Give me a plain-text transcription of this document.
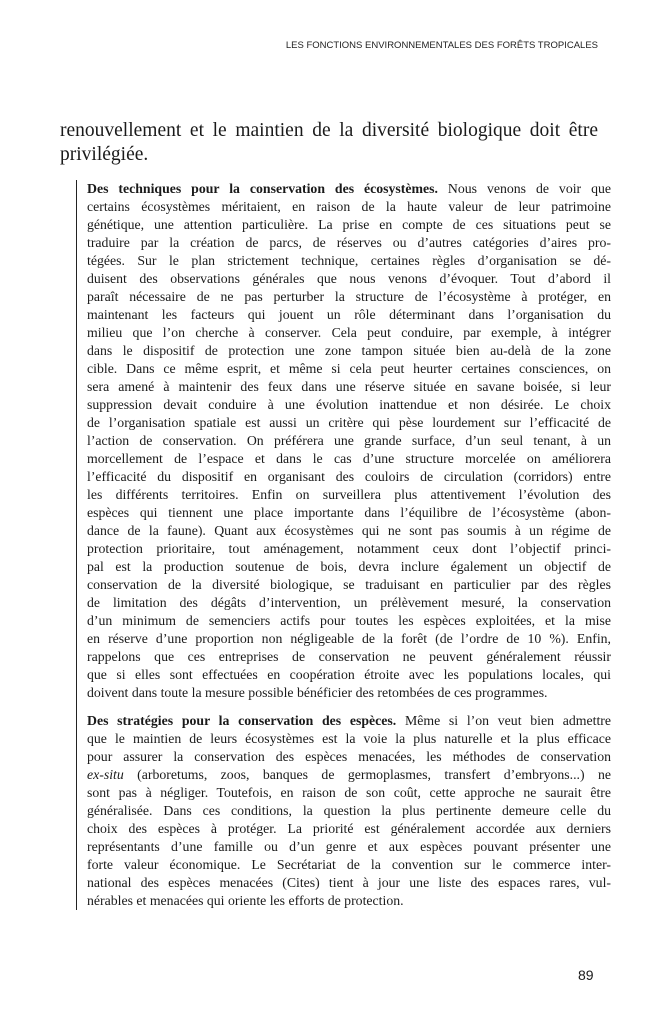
LES FONCTIONS ENVIRONNEMENTALES DES FORÊTS TROPICALES
renouvellement et le maintien de la diversité biologique doit être
privilégiée.
Des techniques pour la conservation des écosystèmes. Nous venons de voir que
certains écosystèmes méritaient, en raison de la haute valeur de leur patrimoine
génétique, une attention particulière. La prise en compte de ces situations peut se
traduire par la création de parcs, de réserves ou d’autres catégories d’aires pro-
tégées. Sur le plan strictement technique, certaines règles d’organisation se dé-
duisent des observations générales que nous venons d’évoquer. Tout d’abord il
paraît nécessaire de ne pas perturber la structure de l’écosystème à protéger, en
maintenant les facteurs qui jouent un rôle déterminant dans l’organisation du
milieu que l’on cherche à conserver. Cela peut conduire, par exemple, à intégrer
dans le dispositif de protection une zone tampon située bien au-delà de la zone
cible. Dans ce même esprit, et même si cela peut heurter certaines consciences, on
sera amené à maintenir des feux dans une réserve située en savane boisée, si leur
suppression devait conduire à une évolution inattendue et non désirée. Le choix
de l’organisation spatiale est aussi un critère qui pèse lourdement sur l’efficacité de
l’action de conservation. On préférera une grande surface, d’un seul tenant, à un
morcellement de l’espace et dans le cas d’une structure morcelée on améliorera
l’efficacité du dispositif en organisant des couloirs de circulation (corridors) entre
les différents territoires. Enfin on surveillera plus attentivement l’évolution des
espèces qui tiennent une place importante dans l’équilibre de l’écosystème (abon-
dance de la faune). Quant aux écosystèmes qui ne sont pas soumis à un régime de
protection prioritaire, tout aménagement, notamment ceux dont l’objectif princi-
pal est la production soutenue de bois, devra inclure également un objectif de
conservation de la diversité biologique, se traduisant en particulier par des règles
de limitation des dégâts d’intervention, un prélèvement mesuré, la conservation
d’un minimum de semenciers actifs pour toutes les espèces exploitées, et la mise
en réserve d’une proportion non négligeable de la forêt (de l’ordre de 10 %). Enfin,
rappelons que ces entreprises de conservation ne peuvent généralement réussir
que si elles sont effectuées en coopération étroite avec les populations locales, qui
doivent dans toute la mesure possible bénéficier des retombées de ces programmes.
Des stratégies pour la conservation des espèces. Même si l’on veut bien admettre
que le maintien de leurs écosystèmes est la voie la plus naturelle et la plus efficace
pour assurer la conservation des espèces menacées, les méthodes de conservation
ex-situ (arboretums, zoos, banques de germoplasmes, transfert d’embryons...) ne
sont pas à négliger. Toutefois, en raison de son coût, cette approche ne saurait être
généralisée. Dans ces conditions, la question la plus pertinente demeure celle du
choix des espèces à protéger. La priorité est généralement accordée aux derniers
représentants d’une famille ou d’un genre et aux espèces pouvant présenter une
forte valeur économique. Le Secrétariat de la convention sur le commerce inter-
national des espèces menacées (Cites) tient à jour une liste des espaces rares, vul-
nérables et menacées qui oriente les efforts de protection.
89
